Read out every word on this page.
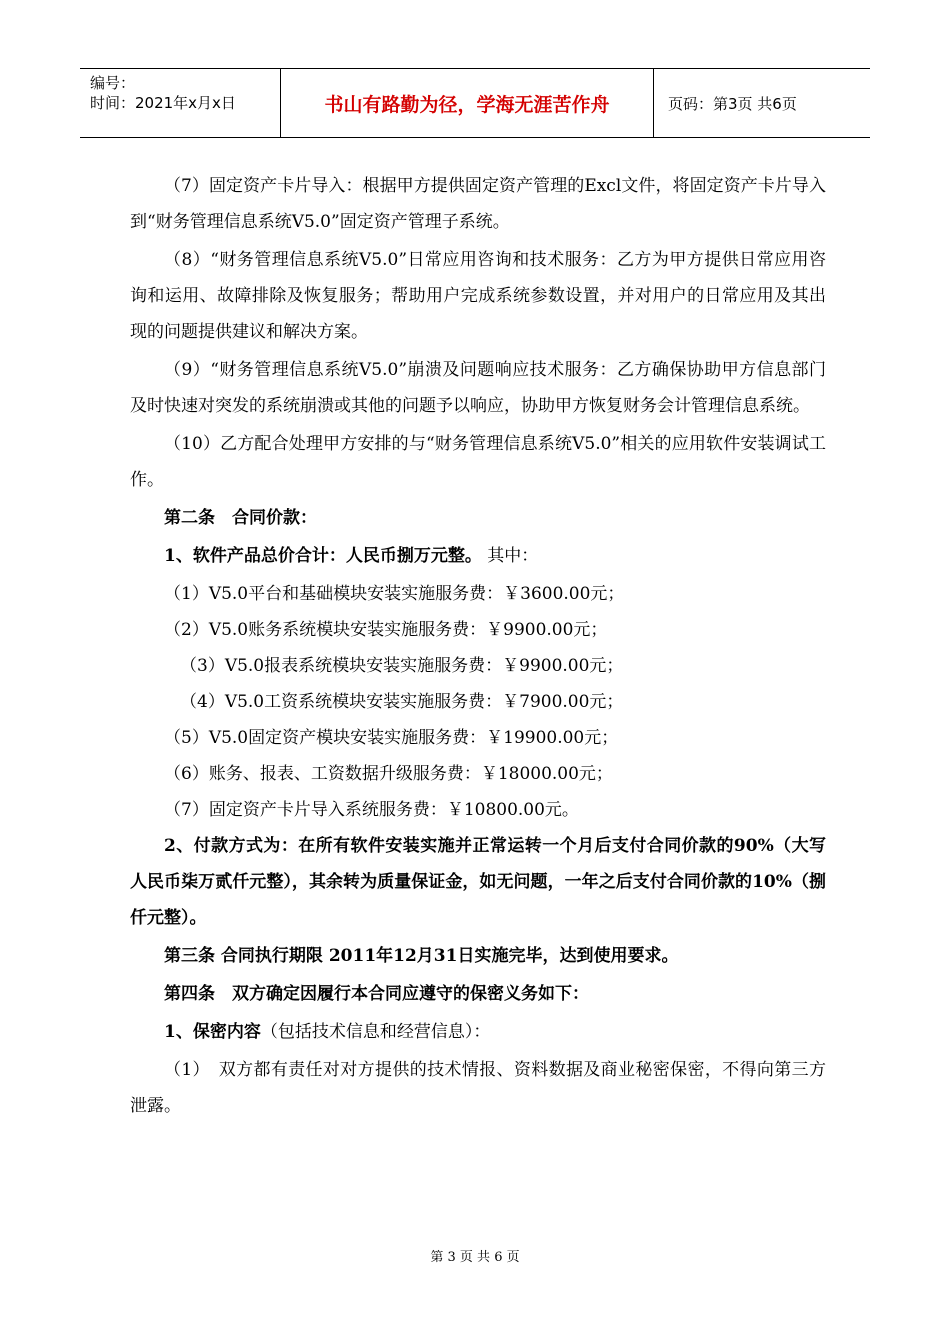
编号：
时间：2021年x月x日	书山有路勤为径，学海无涯苦作舟	页码：第3页 共6页

（7）固定资产卡片导入：根据甲方提供固定资产管理的Excl文件，将固定资产卡片导入到“财务管理信息系统V5.0”固定资产管理子系统。

（8）“财务管理信息系统V5.0”日常应用咨询和技术服务：乙方为甲方提供日常应用咨询和运用、故障排除及恢复服务；帮助用户完成系统参数设置，并对用户的日常应用及其出现的问题提供建议和解决方案。

（9）“财务管理信息系统V5.0”崩溃及问题响应技术服务：乙方确保协助甲方信息部门及时快速对突发的系统崩溃或其他的问题予以响应，协助甲方恢复财务会计管理信息系统。

（10）乙方配合处理甲方安排的与“财务管理信息系统V5.0”相关的应用软件安装调试工作。

第二条　合同价款：

1、软件产品总价合计：人民币捌万元整。 其中：

（1）V5.0平台和基础模块安装实施服务费：￥3600.00元；

（2）V5.0账务系统模块安装实施服务费：￥9900.00元；

（3）V5.0报表系统模块安装实施服务费：￥9900.00元；

（4）V5.0工资系统模块安装实施服务费：￥7900.00元；

（5）V5.0固定资产模块安装实施服务费：￥19900.00元；

（6）账务、报表、工资数据升级服务费：￥18000.00元；

（7）固定资产卡片导入系统服务费：￥10800.00元。

2、付款方式为：在所有软件安装实施并正常运转一个月后支付合同价款的90%（大写人民币柒万贰仟元整），其余转为质量保证金，如无问题，一年之后支付合同价款的10%（捌仟元整）。

第三条 合同执行期限 2011年12月31日实施完毕，达到使用要求。

第四条　双方确定因履行本合同应遵守的保密义务如下：

1、保密内容（包括技术信息和经营信息）：

（1）　双方都有责任对对方提供的技术情报、资料数据及商业秘密保密，不得向第三方泄露。

第 3 页 共 6 页
